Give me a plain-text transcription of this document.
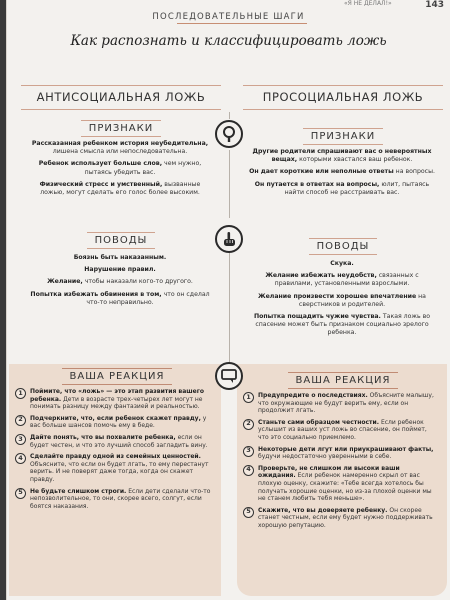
«Я НЕ ДЕЛАЛ!»	143
ПОСЛЕДОВАТЕЛЬНЫЕ ШАГИ
Как распознать и классифицировать ложь
АНТИСОЦИАЛЬНАЯ ЛОЖЬ	ПРОСОЦИАЛЬНАЯ ЛОЖЬ
ПРИЗНАКИ
ПРИЗНАКИ

Рассказанная ребенком история неубедительна, лишена смысла или непоследовательна.

Ребенок использует больше слов, чем нужно, пытаясь убедить вас.

Физический стресс и умственный, вызванные ложью, могут сделать его голос более высоким.

Другие родители спрашивают вас о невероятных вещах, которыми хвастался ваш ребенок.

Он дает короткие или неполные ответы на вопросы.

Он путается в ответах на вопросы, юлит, пытаясь найти способ не расстраивать вас.

ПОВОДЫ
ПОВОДЫ

Боязнь быть наказанным.

Нарушение правил.

Желание, чтобы наказали кого-то другого.

Попытка избежать обвинения в том, что он сделал что-то неправильно.

Скука.

Желание избежать неудобств, связанных с правилами, установленными взрослыми.

Желание произвести хорошее впечатление на сверстников и родителей.

Попытка пощадить чужие чувства. Такая ложь во спасение может быть признаком социально зрелого ребенка.

ВАША РЕАКЦИЯ	ВАША РЕАКЦИЯ
1	Поймите, что «ложь» — это этап развития вашего ребенка. Дети в возрасте трех-четырех лет могут не понимать разницу между фантазией и реальностью.
2	Подчеркните, что, если ребенок скажет правду, у вас больше шансов помочь ему в беде.
3	Дайте понять, что вы похвалите ребенка, если он будет честен, и что это лучший способ загладить вину.
4	Сделайте правду одной из семейных ценностей. Объясните, что если он будет лгать, то ему перестанут верить. И не поверят даже тогда, когда он скажет правду.
5	Не будьте слишком строги. Если дети сделали что-то непозволительное, то они, скорее всего, солгут, если боятся наказания.
1	Предупредите о последствиях. Объясните малышу, что окружающие не будут верить ему, если он продолжит лгать.
2	Станьте сами образцом честности. Если ребенок услышит из ваших уст ложь во спасение, он поймет, что это социально приемлемо.
3	Некоторые дети лгут или приукрашивают факты, будучи недостаточно уверенными в себе.
4	Проверьте, не слишком ли высоки ваши ожидания. Если ребенок намеренно скрыл от вас плохую оценку, скажите: «Тебе всегда хотелось бы получать хорошие оценки, но из-за плохой оценки мы не станем любить тебя меньше».
5	Скажите, что вы доверяете ребенку. Он скорее станет честным, если ему будет нужно поддерживать хорошую репутацию.
